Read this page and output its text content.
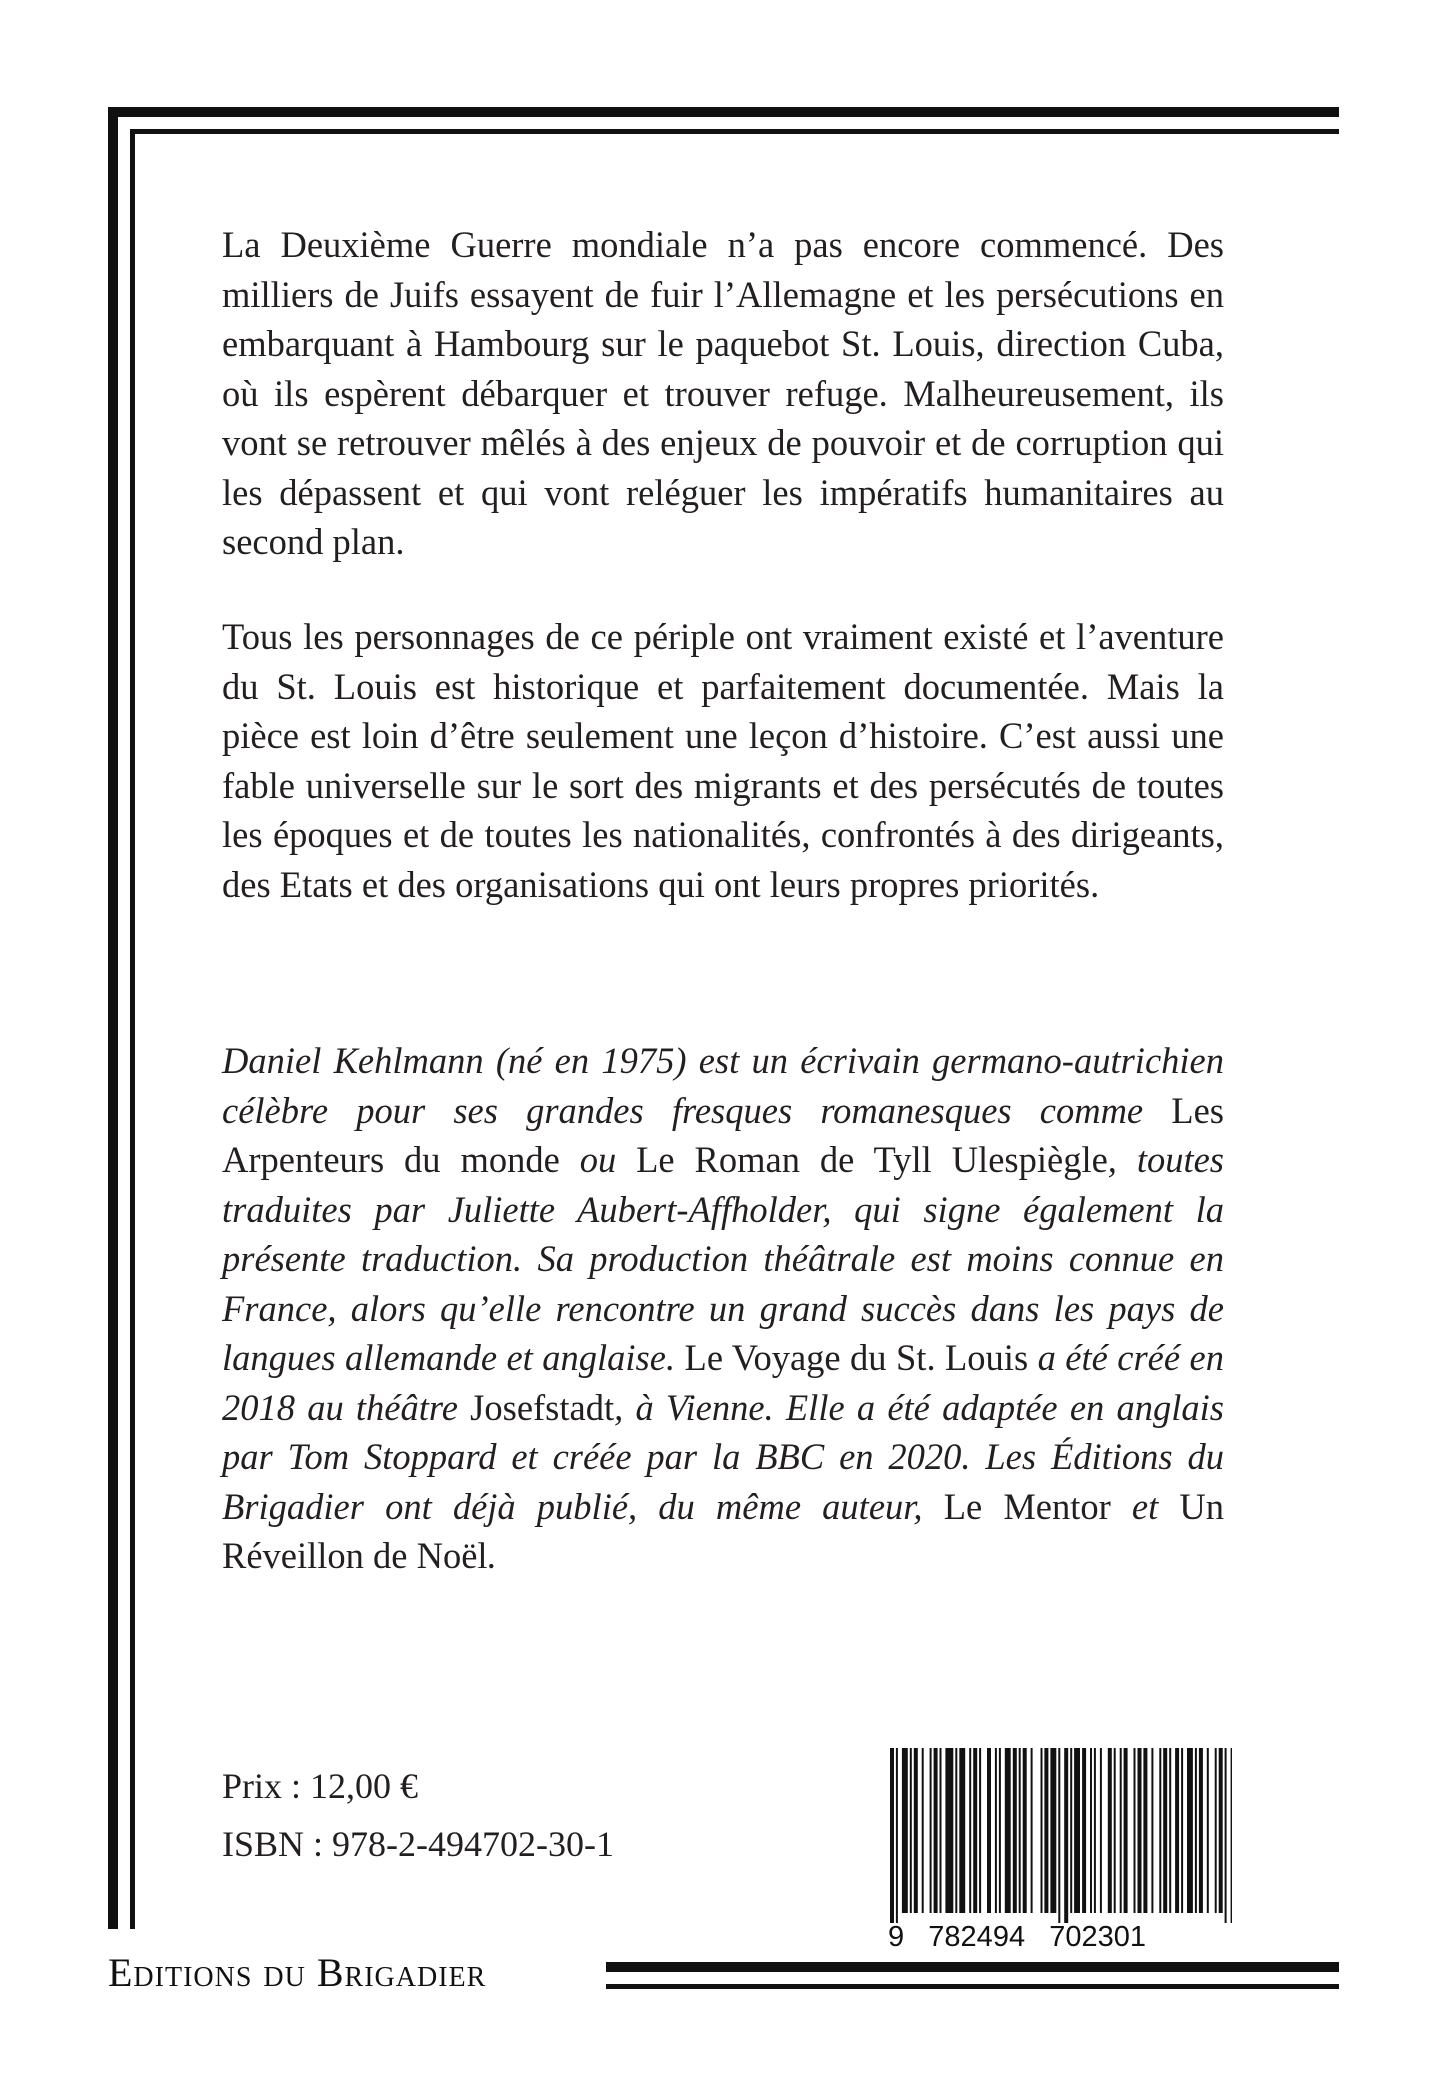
La Deuxième Guerre mondiale n’a pas encore commencé. Des milliers de Juifs essayent de fuir l’Allemagne et les persécutions en embarquant à Hambourg sur le paquebot St. Louis, direction Cuba, où ils espèrent débarquer et trouver refuge. Malheureusement, ils vont se retrouver mêlés à des enjeux de pouvoir et de corruption qui les dépassent et qui vont reléguer les impératifs humanitaires au second plan.

Tous les personnages de ce périple ont vraiment existé et l’aventure du St. Louis est historique et parfaitement documentée. Mais la pièce est loin d’être seulement une leçon d’histoire. C’est aussi une fable universelle sur le sort des migrants et des persécutés de toutes les époques et de toutes les nationalités, confrontés à des dirigeants, des Etats et des organisations qui ont leurs propres priorités.

Daniel Kehlmann (né en 1975) est un écrivain germano-autrichien célèbre pour ses grandes fresques romanesques comme Les Arpenteurs du monde ou Le Roman de Tyll Ulespiègle, toutes traduites par Juliette Aubert-Affholder, qui signe également la présente traduction. Sa production théâtrale est moins connue en France, alors qu’elle rencontre un grand succès dans les pays de langues allemande et anglaise. Le Voyage du St. Louis a été créé en 2018 au théâtre Josefstadt, à Vienne. Elle a été adaptée en anglais par Tom Stoppard et créée par la BBC en 2020. Les Éditions du Brigadier ont déjà publié, du même auteur, Le Mentor et Un Réveillon de Noël.

Prix : 12,00 €
ISBN : 978-2-494702-30-1
9   782494   702301
Editions du Brigadier
